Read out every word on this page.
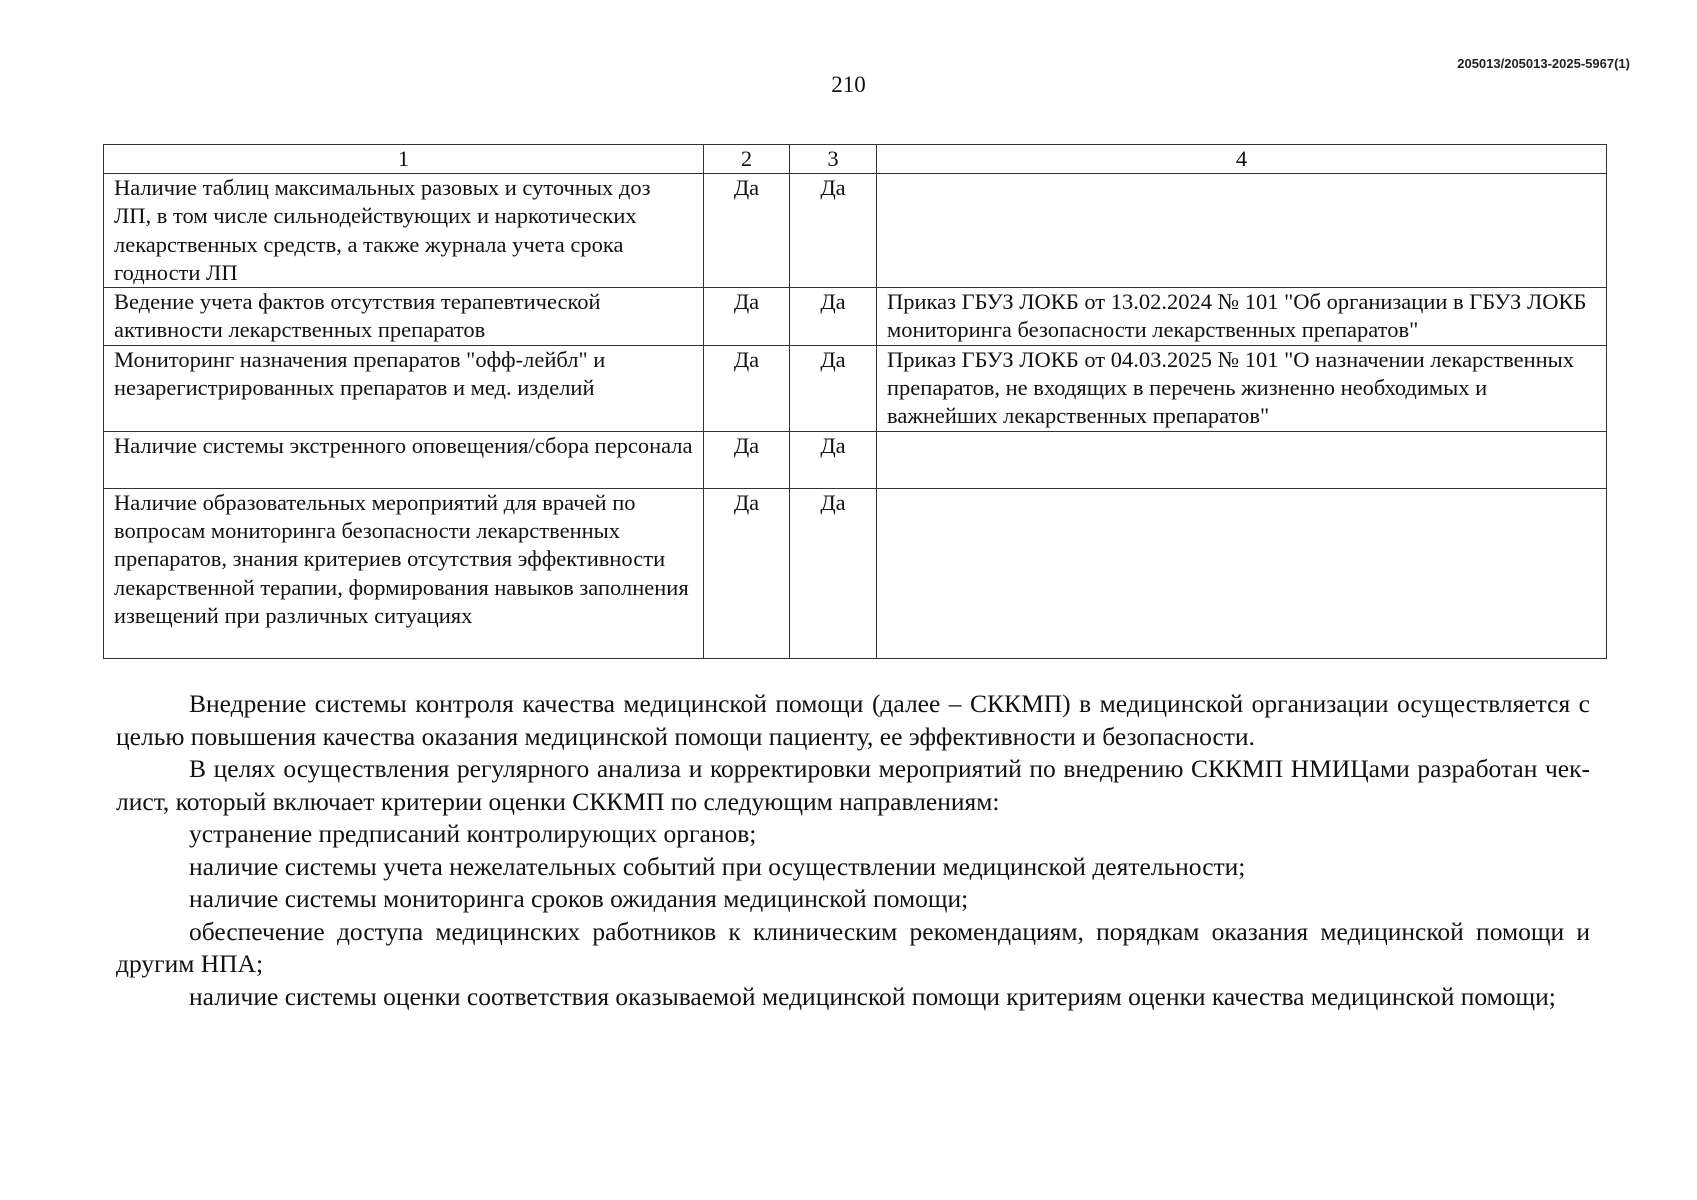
205013/205013-2025-5967(1)
210
1	2	3	4
Наличие таблиц максимальных разовых и суточных доз ЛП, в том числе сильнодействующих и наркотических лекарственных средств, а также журнала учета срока годности ЛП	Да	Да	
Ведение учета фактов отсутствия терапевтической активности лекарственных препаратов	Да	Да	Приказ ГБУЗ ЛОКБ от 13.02.2024 № 101 "Об организации в ГБУЗ ЛОКБ мониторинга безопасности лекарственных препаратов"
Мониторинг назначения препаратов "офф-лейбл" и незарегистрированных препаратов и мед. изделий	Да	Да	Приказ ГБУЗ ЛОКБ от 04.03.2025 № 101 "О назначении лекарственных препаратов, не входящих в перечень жизненно необходимых и важнейших лекарственных препаратов"
Наличие системы экстренного оповещения/сбора персонала	Да	Да	
Наличие образовательных мероприятий для врачей по вопросам мониторинга безопасности лекарственных препаратов, знания критериев отсутствия эффективности лекарственной терапии, формирования навыков заполнения извещений при различных ситуациях	Да	Да	

Внедрение системы контроля качества медицинской помощи (далее – СККМП) в медицинской организации осуществляется с целью повышения качества оказания медицинской помощи пациенту, ее эффективности и безопасности.

В целях осуществления регулярного анализа и корректировки мероприятий по внедрению СККМП НМИЦами разработан чек-лист, который включает критерии оценки СККМП по следующим направлениям:

устранение предписаний контролирующих органов;

наличие системы учета нежелательных событий при осуществлении медицинской деятельности;

наличие системы мониторинга сроков ожидания медицинской помощи;

обеспечение доступа медицинских работников к клиническим рекомендациям, порядкам оказания медицинской помощи и другим НПА;

наличие системы оценки соответствия оказываемой медицинской помощи критериям оценки качества медицинской помощи;
